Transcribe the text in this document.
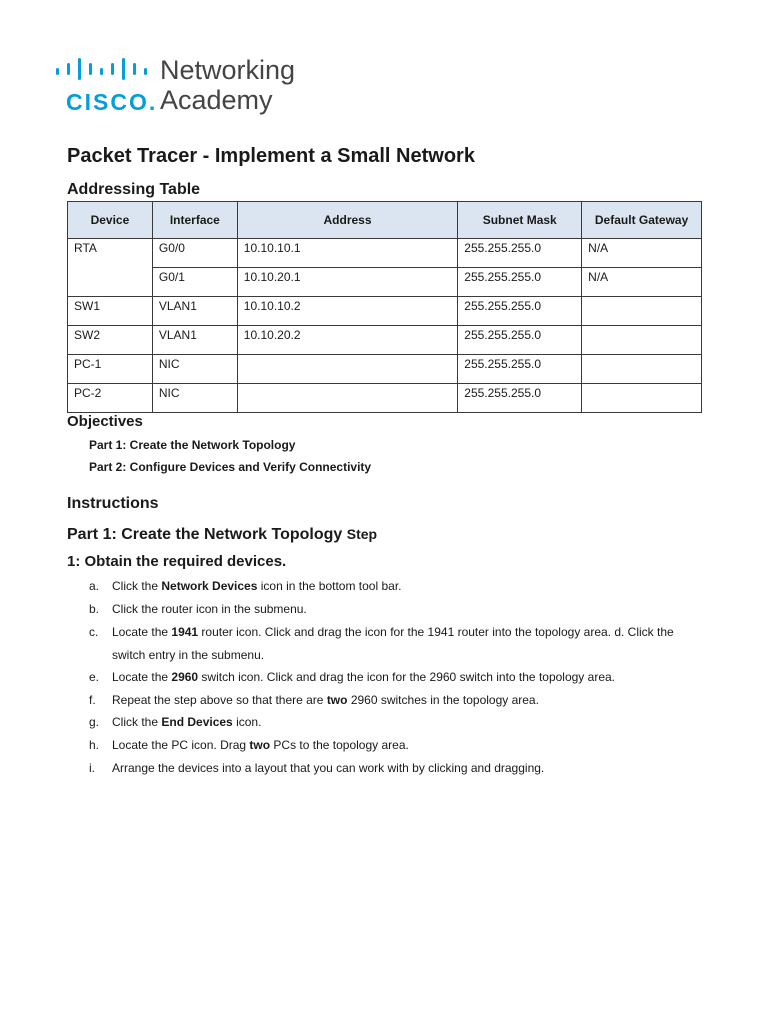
CISCO.
Networking
Academy
Packet Tracer - Implement a Small Network
Addressing Table
Device	Interface	Address	Subnet Mask	Default Gateway
RTA	G0/0	10.10.10.1	255.255.255.0	N/A
	G0/1	10.10.20.1	255.255.255.0	N/A
SW1	VLAN1	10.10.10.2	255.255.255.0	
SW2	VLAN1	10.10.20.2	255.255.255.0	
PC-1	NIC		255.255.255.0	
PC-2	NIC		255.255.255.0	
Objectives
Part 1: Create the Network Topology
Part 2: Configure Devices and Verify Connectivity
Instructions
Part 1: Create the Network Topology Step
1: Obtain the required devices.
a. Click the Network Devices icon in the bottom tool bar.
b. Click the router icon in the submenu.
c. Locate the 1941 router icon. Click and drag the icon for the 1941 router into the topology area. d. Click the switch entry in the submenu.
e. Locate the 2960 switch icon. Click and drag the icon for the 2960 switch into the topology area.
f. Repeat the step above so that there are two 2960 switches in the topology area.
g. Click the End Devices icon.
h. Locate the PC icon. Drag two PCs to the topology area.
i. Arrange the devices into a layout that you can work with by clicking and dragging.
